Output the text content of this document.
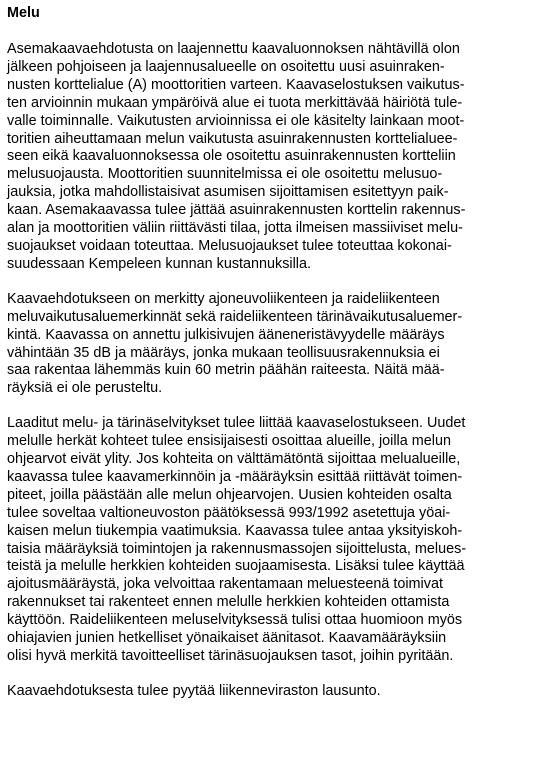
Melu
Asemakaavaehdotusta on laajennettu kaavaluonnoksen nähtävillä olon
jälkeen pohjoiseen ja laajennusalueelle on osoitettu uusi asuinraken-
nusten korttelialue (A) moottoritien varteen. Kaavaselostuksen vaikutus-
ten arvioinnin mukaan ympäröivä alue ei tuota merkittävää häiriötä tule-
valle toiminnalle. Vaikutusten arvioinnissa ei ole käsitelty lainkaan moot-
toritien aiheuttamaan melun vaikutusta asuinrakennusten korttelialuee-
seen eikä kaavaluonnoksessa ole osoitettu asuinrakennusten kortteliin
melusuojausta. Moottoritien suunnitelmissa ei ole osoitettu melusuo-
jauksia, jotka mahdollistaisivat asumisen sijoittamisen esitettyyn paik-
kaan. Asemakaavassa tulee jättää asuinrakennusten korttelin rakennus-
alan ja moottoritien väliin riittävästi tilaa, jotta ilmeisen massiiviset melu-
suojaukset voidaan toteuttaa. Melusuojaukset tulee toteuttaa kokonai-
suudessaan Kempeleen kunnan kustannuksilla.
Kaavaehdotukseen on merkitty ajoneuvoliikenteen ja raideliikenteen
meluvaikutusaluemerkinnät sekä raideliikenteen tärinävaikutusaluemer-
kintä. Kaavassa on annettu julkisivujen ääneneristävyydelle määräys
vähintään 35 dB ja määräys, jonka mukaan teollisuusrakennuksia ei
saa rakentaa lähemmäs kuin 60 metrin päähän raiteesta. Näitä mää-
räyksiä ei ole perusteltu.
Laaditut melu- ja tärinäselvitykset tulee liittää kaavaselostukseen. Uudet
melulle herkät kohteet tulee ensisijaisesti osoittaa alueille, joilla melun
ohjearvot eivät ylity. Jos kohteita on välttämätöntä sijoittaa melualueille,
kaavassa tulee kaavamerkinnöin ja -määräyksin esittää riittävät toimen-
piteet, joilla päästään alle melun ohjearvojen. Uusien kohteiden osalta
tulee soveltaa valtioneuvoston päätöksessä 993/1992 asetettuja yöai-
kaisen melun tiukempia vaatimuksia. Kaavassa tulee antaa yksityiskoh-
taisia määräyksiä toimintojen ja rakennusmassojen sijoittelusta, melues-
teistä ja melulle herkkien kohteiden suojaamisesta. Lisäksi tulee käyttää
ajoitusmääräystä, joka velvoittaa rakentamaan meluesteenä toimivat
rakennukset tai rakenteet ennen melulle herkkien kohteiden ottamista
käyttöön. Raideliikenteen meluselvityksessä tulisi ottaa huomioon myös
ohiajavien junien hetkelliset yönaikaiset äänitasot. Kaavamääräyksiin
olisi hyvä merkitä tavoitteelliset tärinäsuojauksen tasot, joihin pyritään.
Kaavaehdotuksesta tulee pyytää liikenneviraston lausunto.
